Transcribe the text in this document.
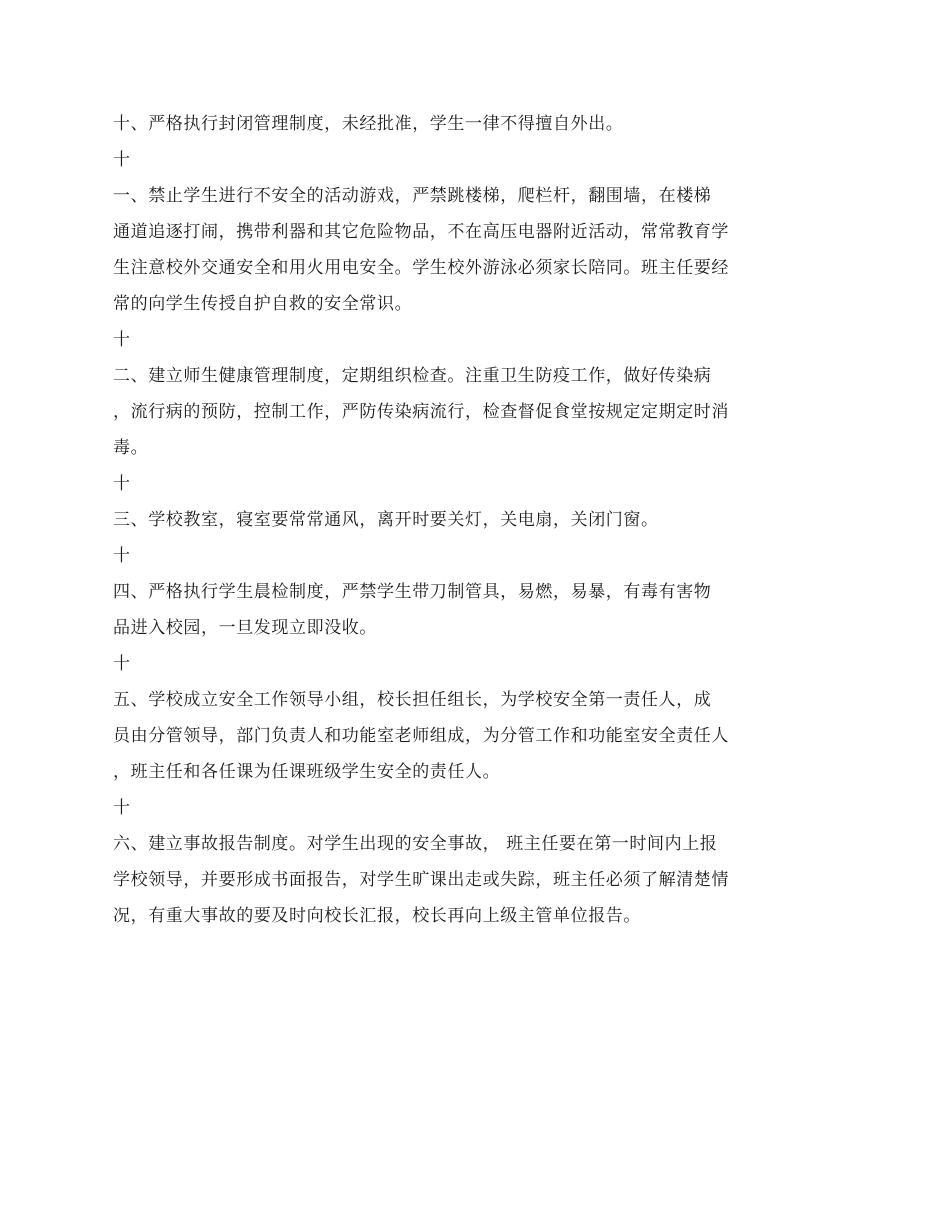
十、严格执行封闭管理制度，未经批准，学生一律不得擅自外出。
十
一、禁止学生进行不安全的活动游戏，严禁跳楼梯，爬栏杆，翻围墙，在楼梯
通道追逐打闹，携带利器和其它危险物品，不在高压电器附近活动，常常教育学
生注意校外交通安全和用火用电安全。学生校外游泳必须家长陪同。班主任要经
常的向学生传授自护自救的安全常识。
十
二、建立师生健康管理制度，定期组织检查。注重卫生防疫工作，做好传染病
，流行病的预防，控制工作，严防传染病流行，检查督促食堂按规定定期定时消
毒。
十
三、学校教室，寝室要常常通风，离开时要关灯，关电扇，关闭门窗。
十
四、严格执行学生晨检制度，严禁学生带刀制管具，易燃，易暴，有毒有害物
品进入校园，一旦发现立即没收。
十
五、学校成立安全工作领导小组，校长担任组长，为学校安全第一责任人，成
员由分管领导，部门负责人和功能室老师组成，为分管工作和功能室安全责任人
，班主任和各任课为任课班级学生安全的责任人。
十
六、建立事故报告制度。对学生出现的安全事故， 班主任要在第一时间内上报
学校领导，并要形成书面报告，对学生旷课出走或失踪，班主任必须了解清楚情
况，有重大事故的要及时向校长汇报，校长再向上级主管单位报告。
